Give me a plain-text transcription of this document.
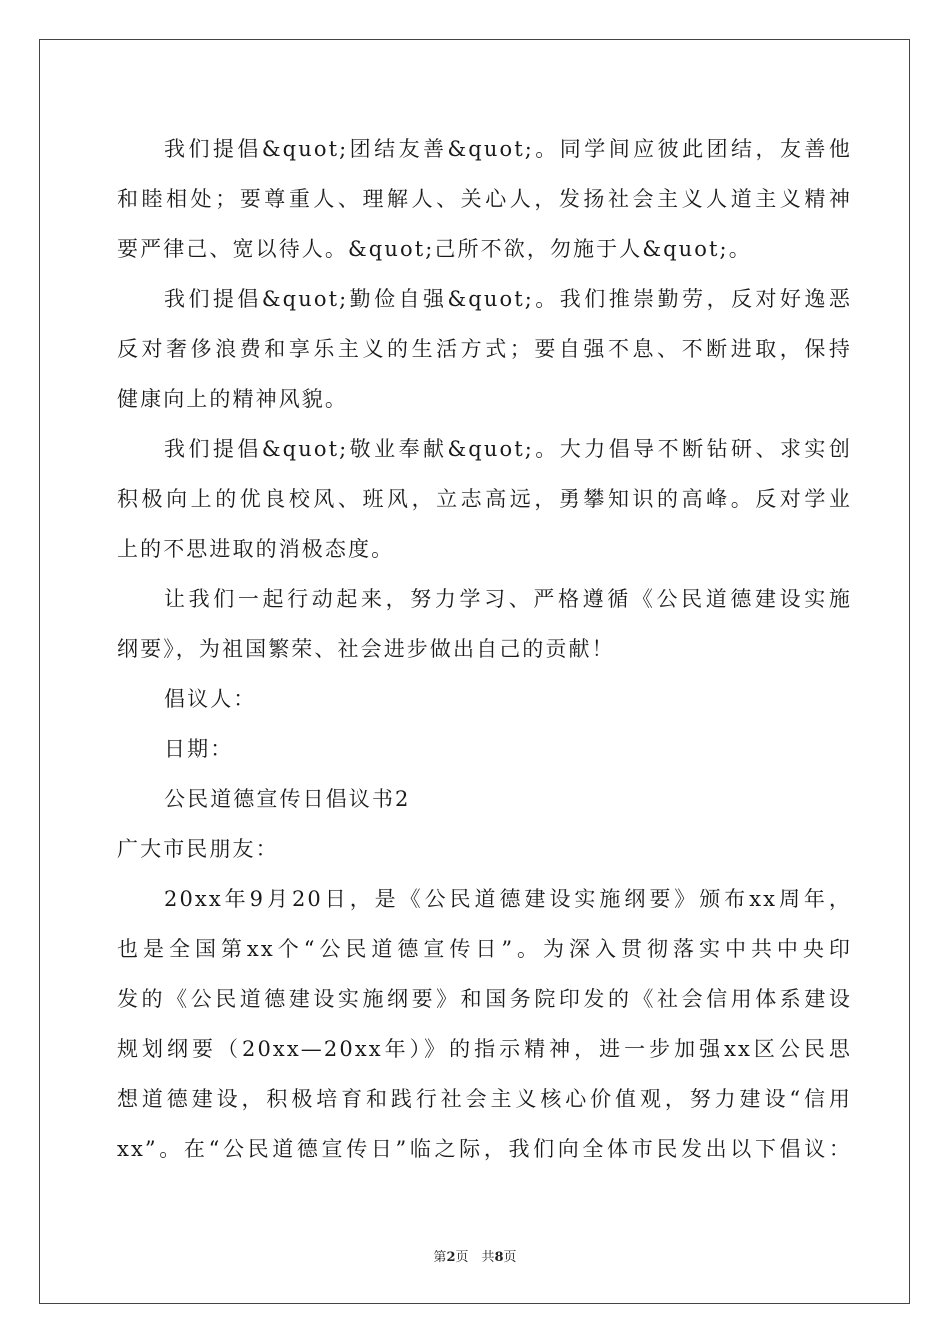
我们提倡&quot;团结友善&quot;。同学间应彼此团结，友善他
和睦相处；要尊重人、理解人、关心人，发扬社会主义人道主义精神
要严律己、宽以待人。&quot;己所不欲，勿施于人&quot;。
我们提倡&quot;勤俭自强&quot;。我们推崇勤劳，反对好逸恶
反对奢侈浪费和享乐主义的生活方式；要自强不息、不断进取，保持
健康向上的精神风貌。
我们提倡&quot;敬业奉献&quot;。大力倡导不断钻研、求实创
积极向上的优良校风、班风，立志高远，勇攀知识的高峰。反对学业
上的不思进取的消极态度。
让我们一起行动起来，努力学习、严格遵循《公民道德建设实施
纲要》，为祖国繁荣、社会进步做出自己的贡献！
倡议人：
日期：
公民道德宣传日倡议书2
广大市民朋友：
20xx年9月20日，是《公民道德建设实施纲要》颁布xx周年，
也是全国第xx个“公民道德宣传日”。为深入贯彻落实中共中央印
发的《公民道德建设实施纲要》和国务院印发的《社会信用体系建设
规划纲要（20xx—20xx年）》的指示精神，进一步加强xx区公民思
想道德建设，积极培育和践行社会主义核心价值观，努力建设“信用
xx”。在“公民道德宣传日”临之际，我们向全体市民发出以下倡议：
第2页　共8页
